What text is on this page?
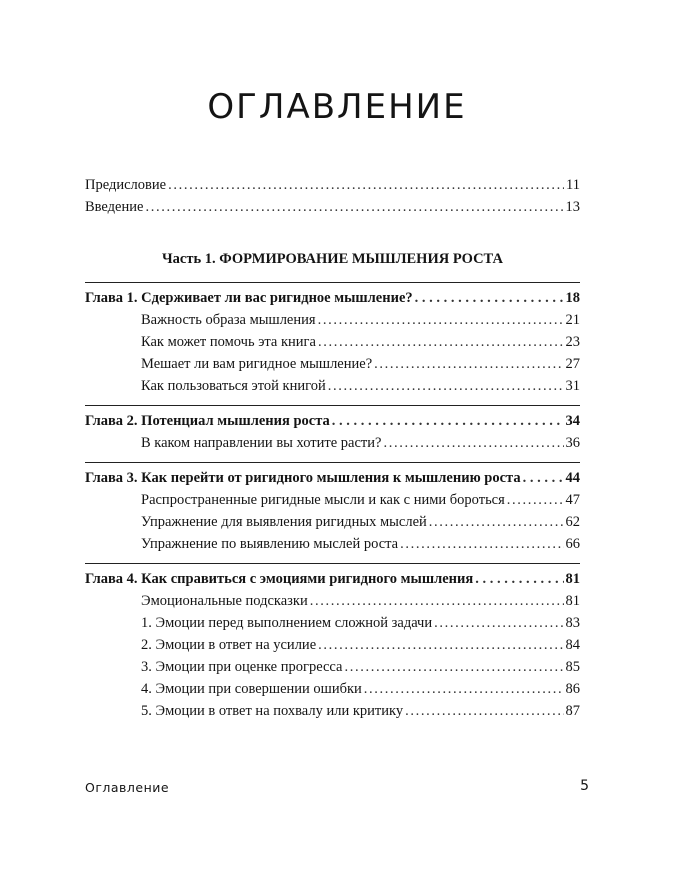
ОГЛАВЛЕНИЕ
Предисловие . . .	11
Введение . . .	13
Часть 1. ФОРМИРОВАНИЕ МЫШЛЕНИЯ РОСТА
Глава 1. Сдерживает ли вас ригидное мышление? . . .	18
Важность образа мышления . . .	21
Как может помочь эта книга . . .	23
Мешает ли вам ригидное мышление? . . .	27
Как пользоваться этой книгой . . .	31
Глава 2. Потенциал мышления роста . . .	34
В каком направлении вы хотите расти? . . .	36
Глава 3. Как перейти от ригидного мышления к мышлению роста . . .	44
Распространенные ригидные мысли и как с ними бороться . . .	47
Упражнение для выявления ригидных мыслей . . .	62
Упражнение по выявлению мыслей роста . . .	66
Глава 4. Как справиться с эмоциями ригидного мышления . . .	81
Эмоциональные подсказки . . .	81
1. Эмоции перед выполнением сложной задачи . . .	83
2. Эмоции в ответ на усилие . . .	84
3. Эмоции при оценке прогресса . . .	85
4. Эмоции при совершении ошибки . . .	86
5. Эмоции в ответ на похвалу или критику . . .	87
Оглавление	5
